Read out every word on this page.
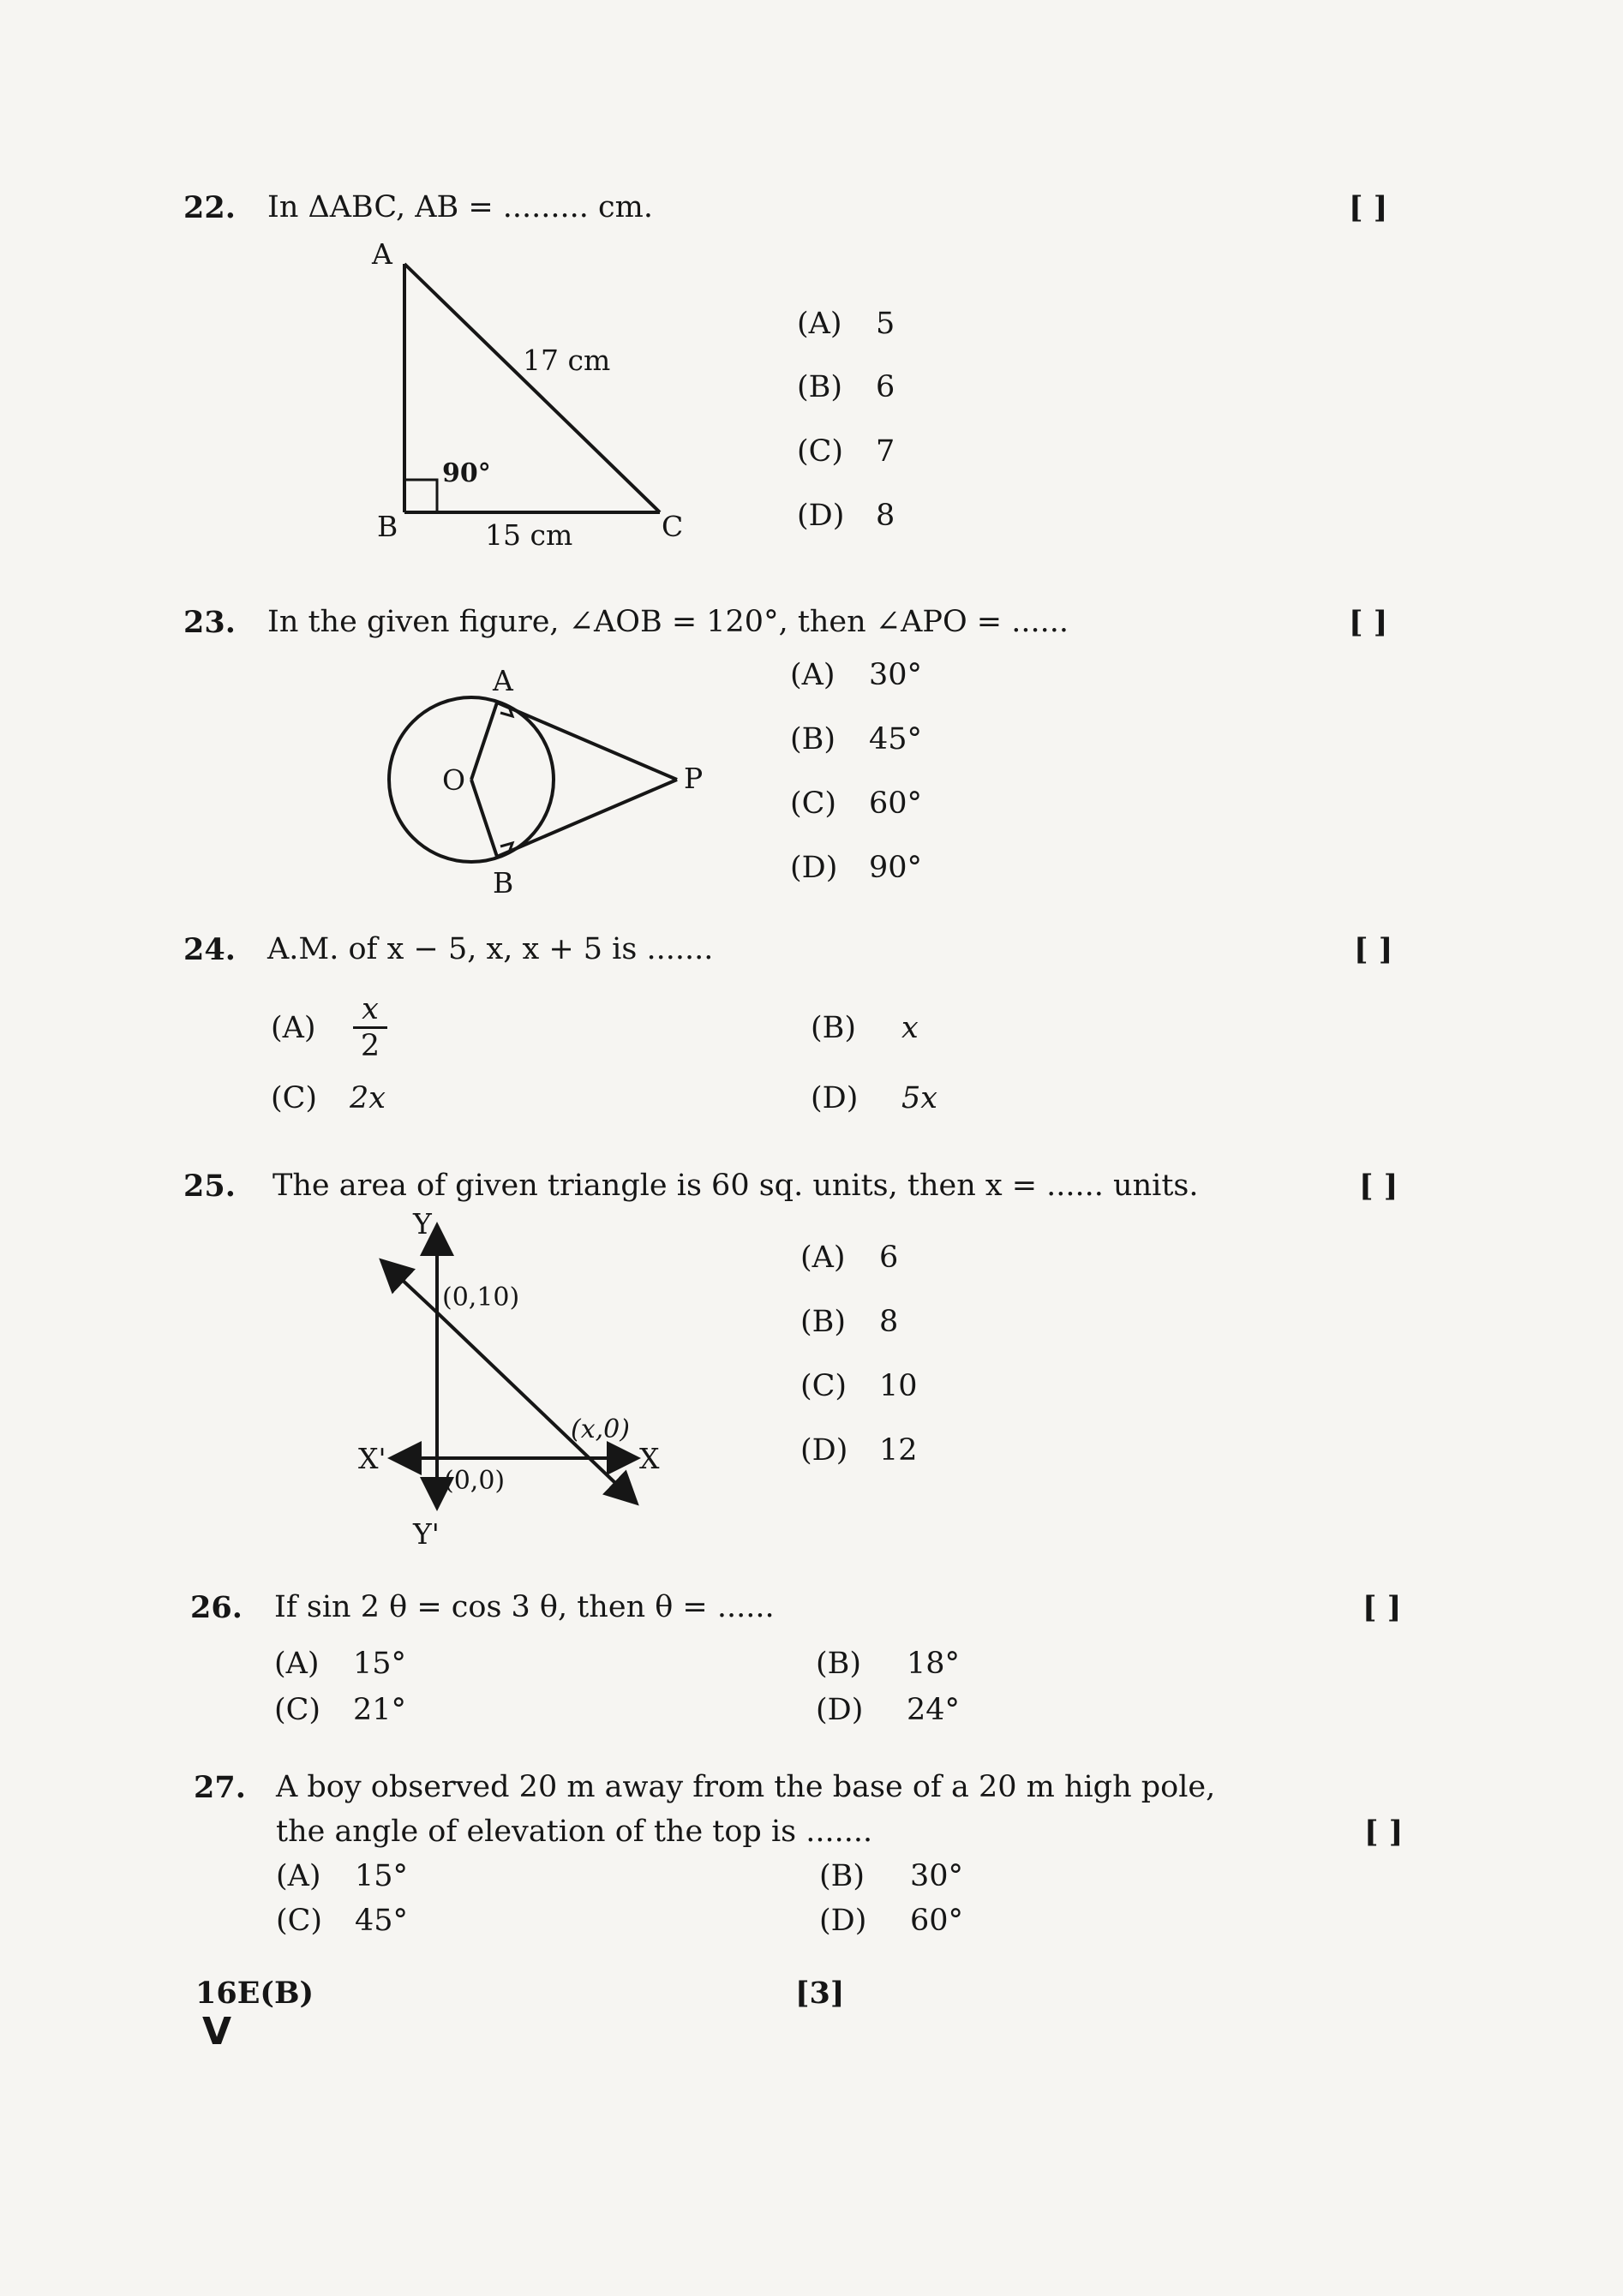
22. In ΔABC, AB = ......... cm.	[ ]
A
B	C
17 cm
15 cm
90°
(A) 5
(B) 6
(C) 7
(D) 8
23. In the given figure, ∠AOB = 120°, then ∠APO = ......	[ ]
A
O	P
B
(A) 30°
(B) 45°
(C) 60°
(D) 90°
24. A.M. of x − 5, x, x + 5 is .......	[ ]
$(A) \frac{x}{2}$	(B) x
(C) 2x	(D) 5x
25. The area of given triangle is 60 sq. units, then x = ...... units.	[ ]
Y
Y'
X
X'
(0,10)
(0,0)
(x,0)
(A) 6
(B) 8
(C) 10
(D) 12
26. If sin 2 θ = cos 3 θ, then θ = ......	[ ]
(A) 15°	(B) 18°
(C) 21°	(D) 24°
27. A boy observed 20 m away from the base of a 20 m high pole,
the angle of elevation of the top is .......	[ ]
(A) 15°	(B) 30°
(C) 45°	(D) 60°
16E(B)	[3]
V
